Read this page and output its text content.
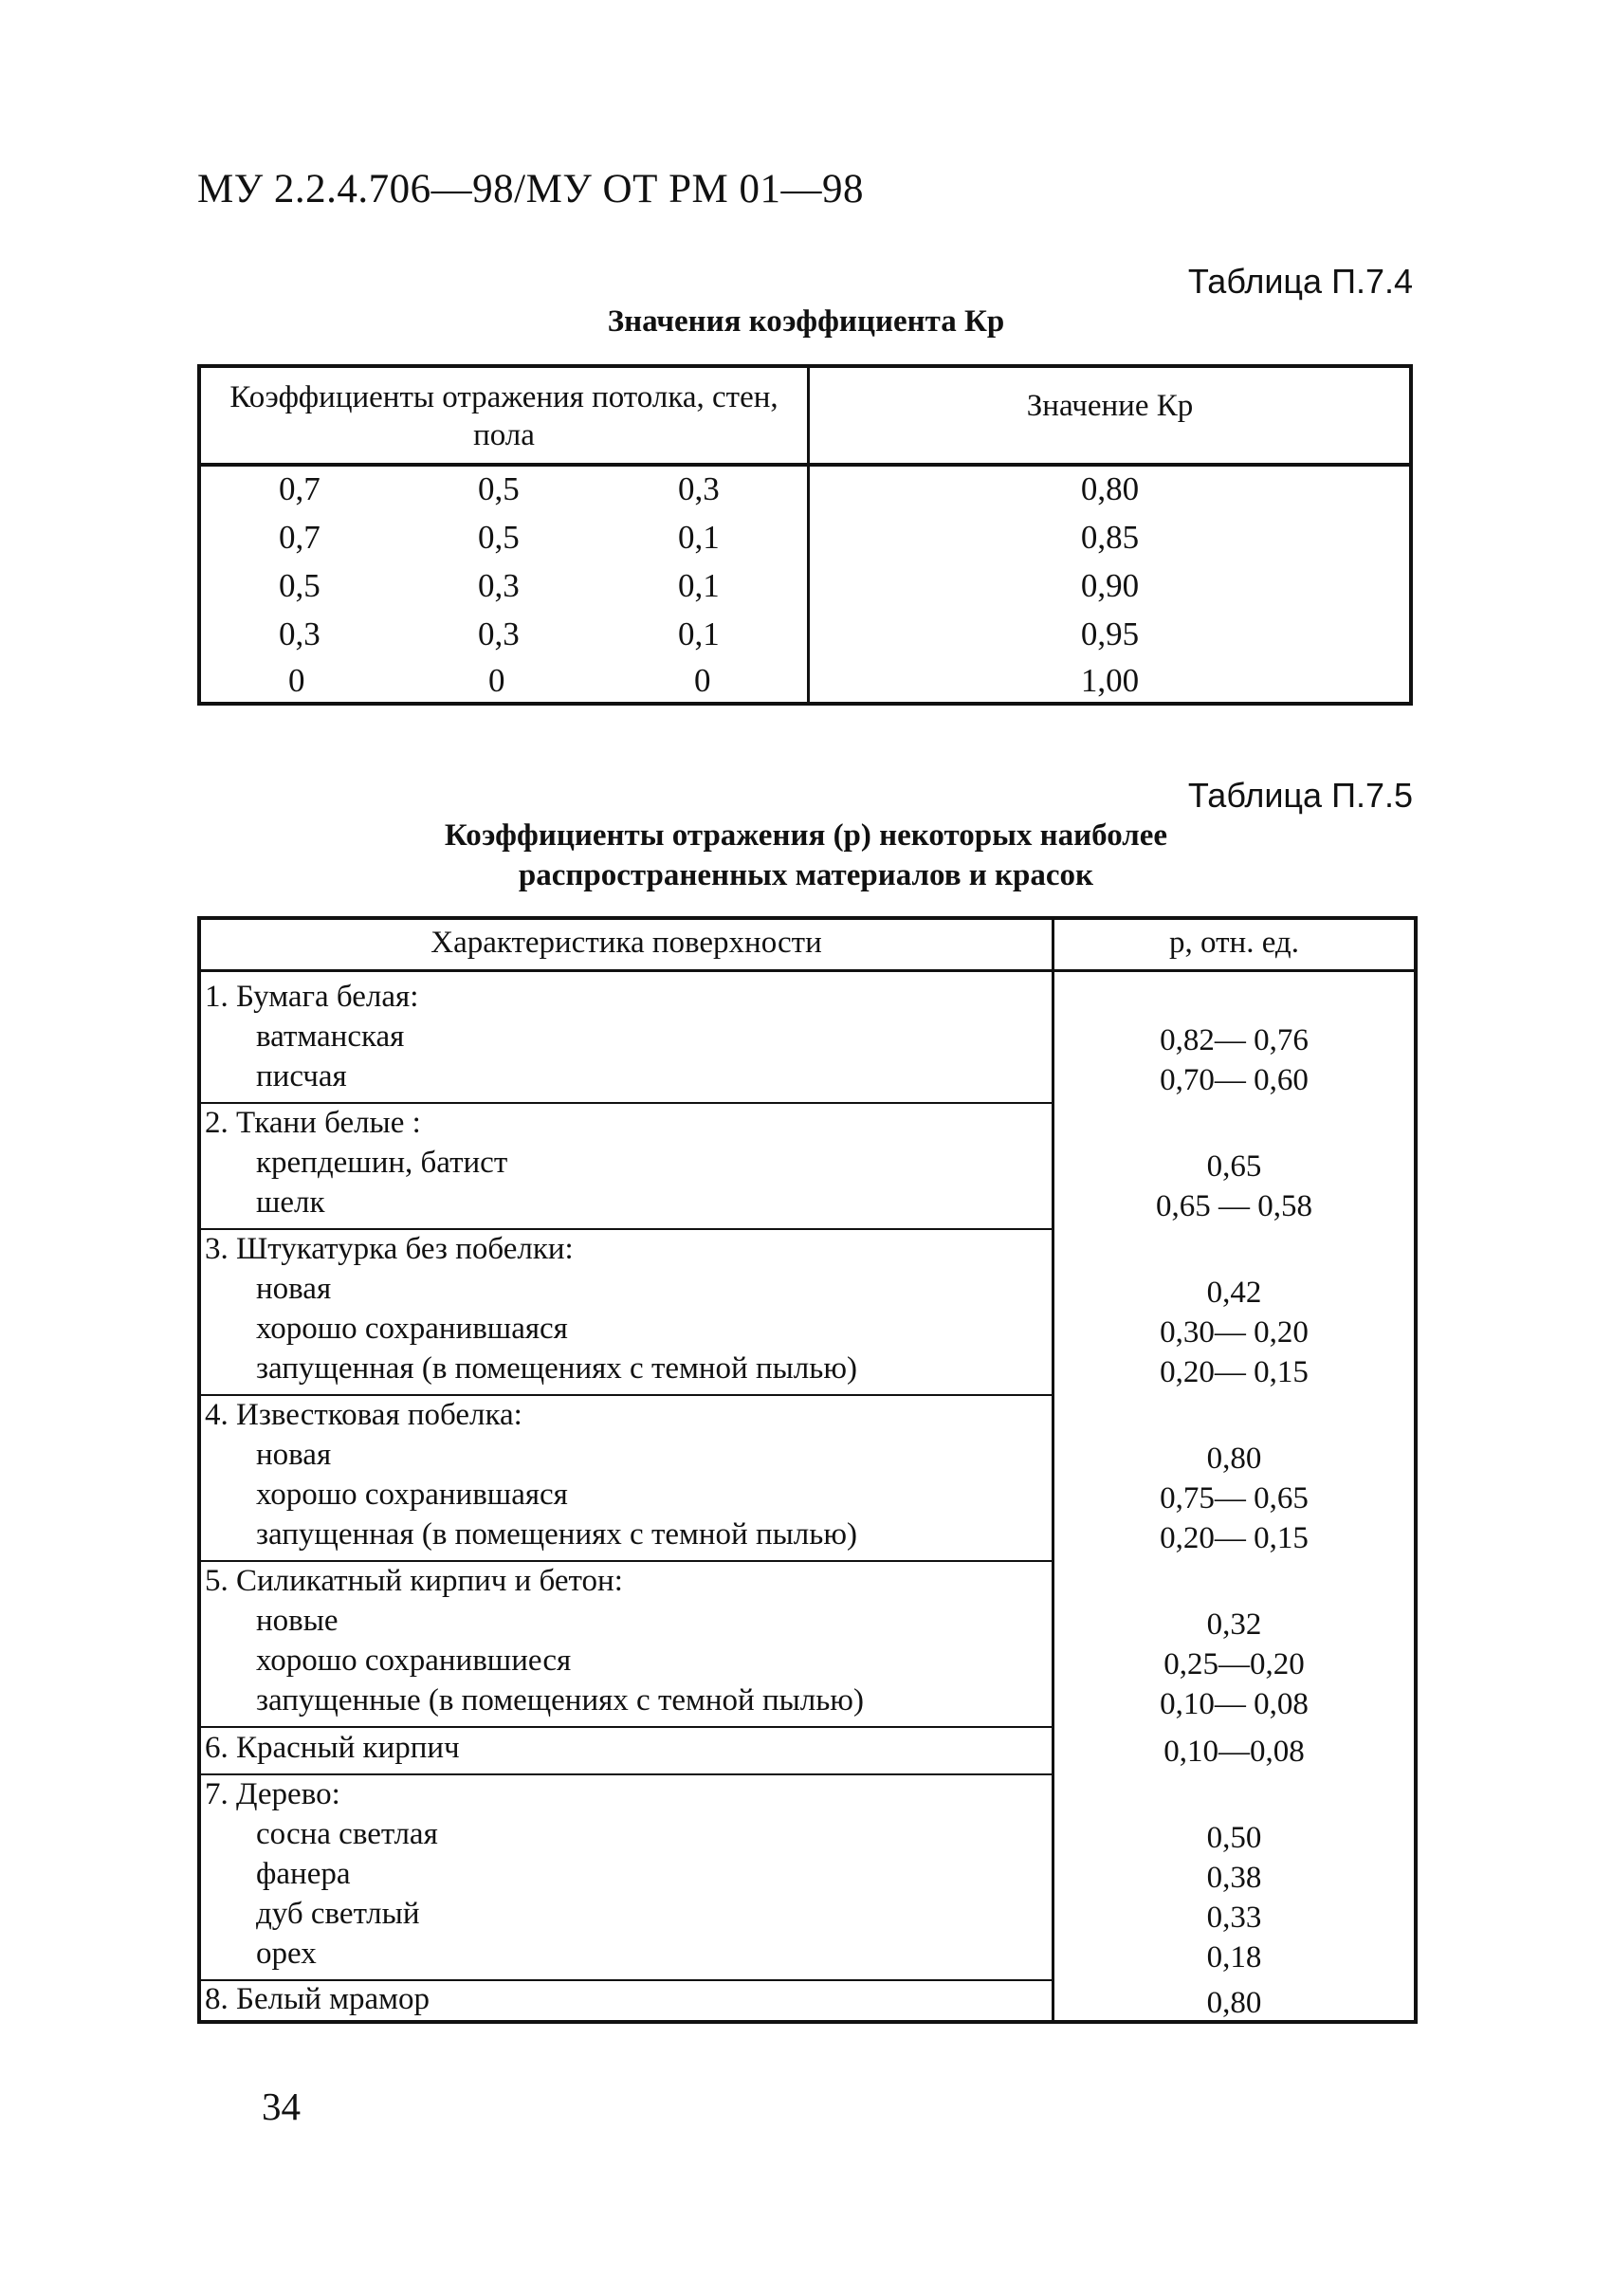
МУ 2.2.4.706—98/МУ ОТ РМ 01—98
Таблица П.7.4
Значения коэффициента Кр
Коэффициенты отражения потолка, стен, пола
Значение Кр
0,7	0,5	0,3	0,80
0,7	0,5	0,1	0,85
0,5	0,3	0,1	0,90
0,3	0,3	0,1	0,95
0	0	0	1,00
Таблица П.7.5
Коэффициенты отражения (р) некоторых наиболее
распространенных материалов и красок
Характеристика поверхности	р, отн. ед.
1. Бумага белая:
ватманская	0,82— 0,76
писчая	0,70— 0,60
2. Ткани белые :
крепдешин, батист	0,65
шелк	0,65 — 0,58
3. Штукатурка без побелки:
новая	0,42
хорошо сохранившаяся	0,30— 0,20
запущенная (в помещениях с темной пылью)	0,20— 0,15
4. Известковая побелка:
новая	0,80
хорошо сохранившаяся	0,75— 0,65
запущенная (в помещениях с темной пылью)	0,20— 0,15
5. Силикатный кирпич и бетон:
новые	0,32
хорошо сохранившиеся	0,25—0,20
запущенные (в помещениях с темной пылью)	0,10— 0,08
6. Красный кирпич	0,10—0,08
7. Дерево:
сосна светлая	0,50
фанера	0,38
дуб светлый	0,33
орех	0,18
8. Белый мрамор	0,80
34
